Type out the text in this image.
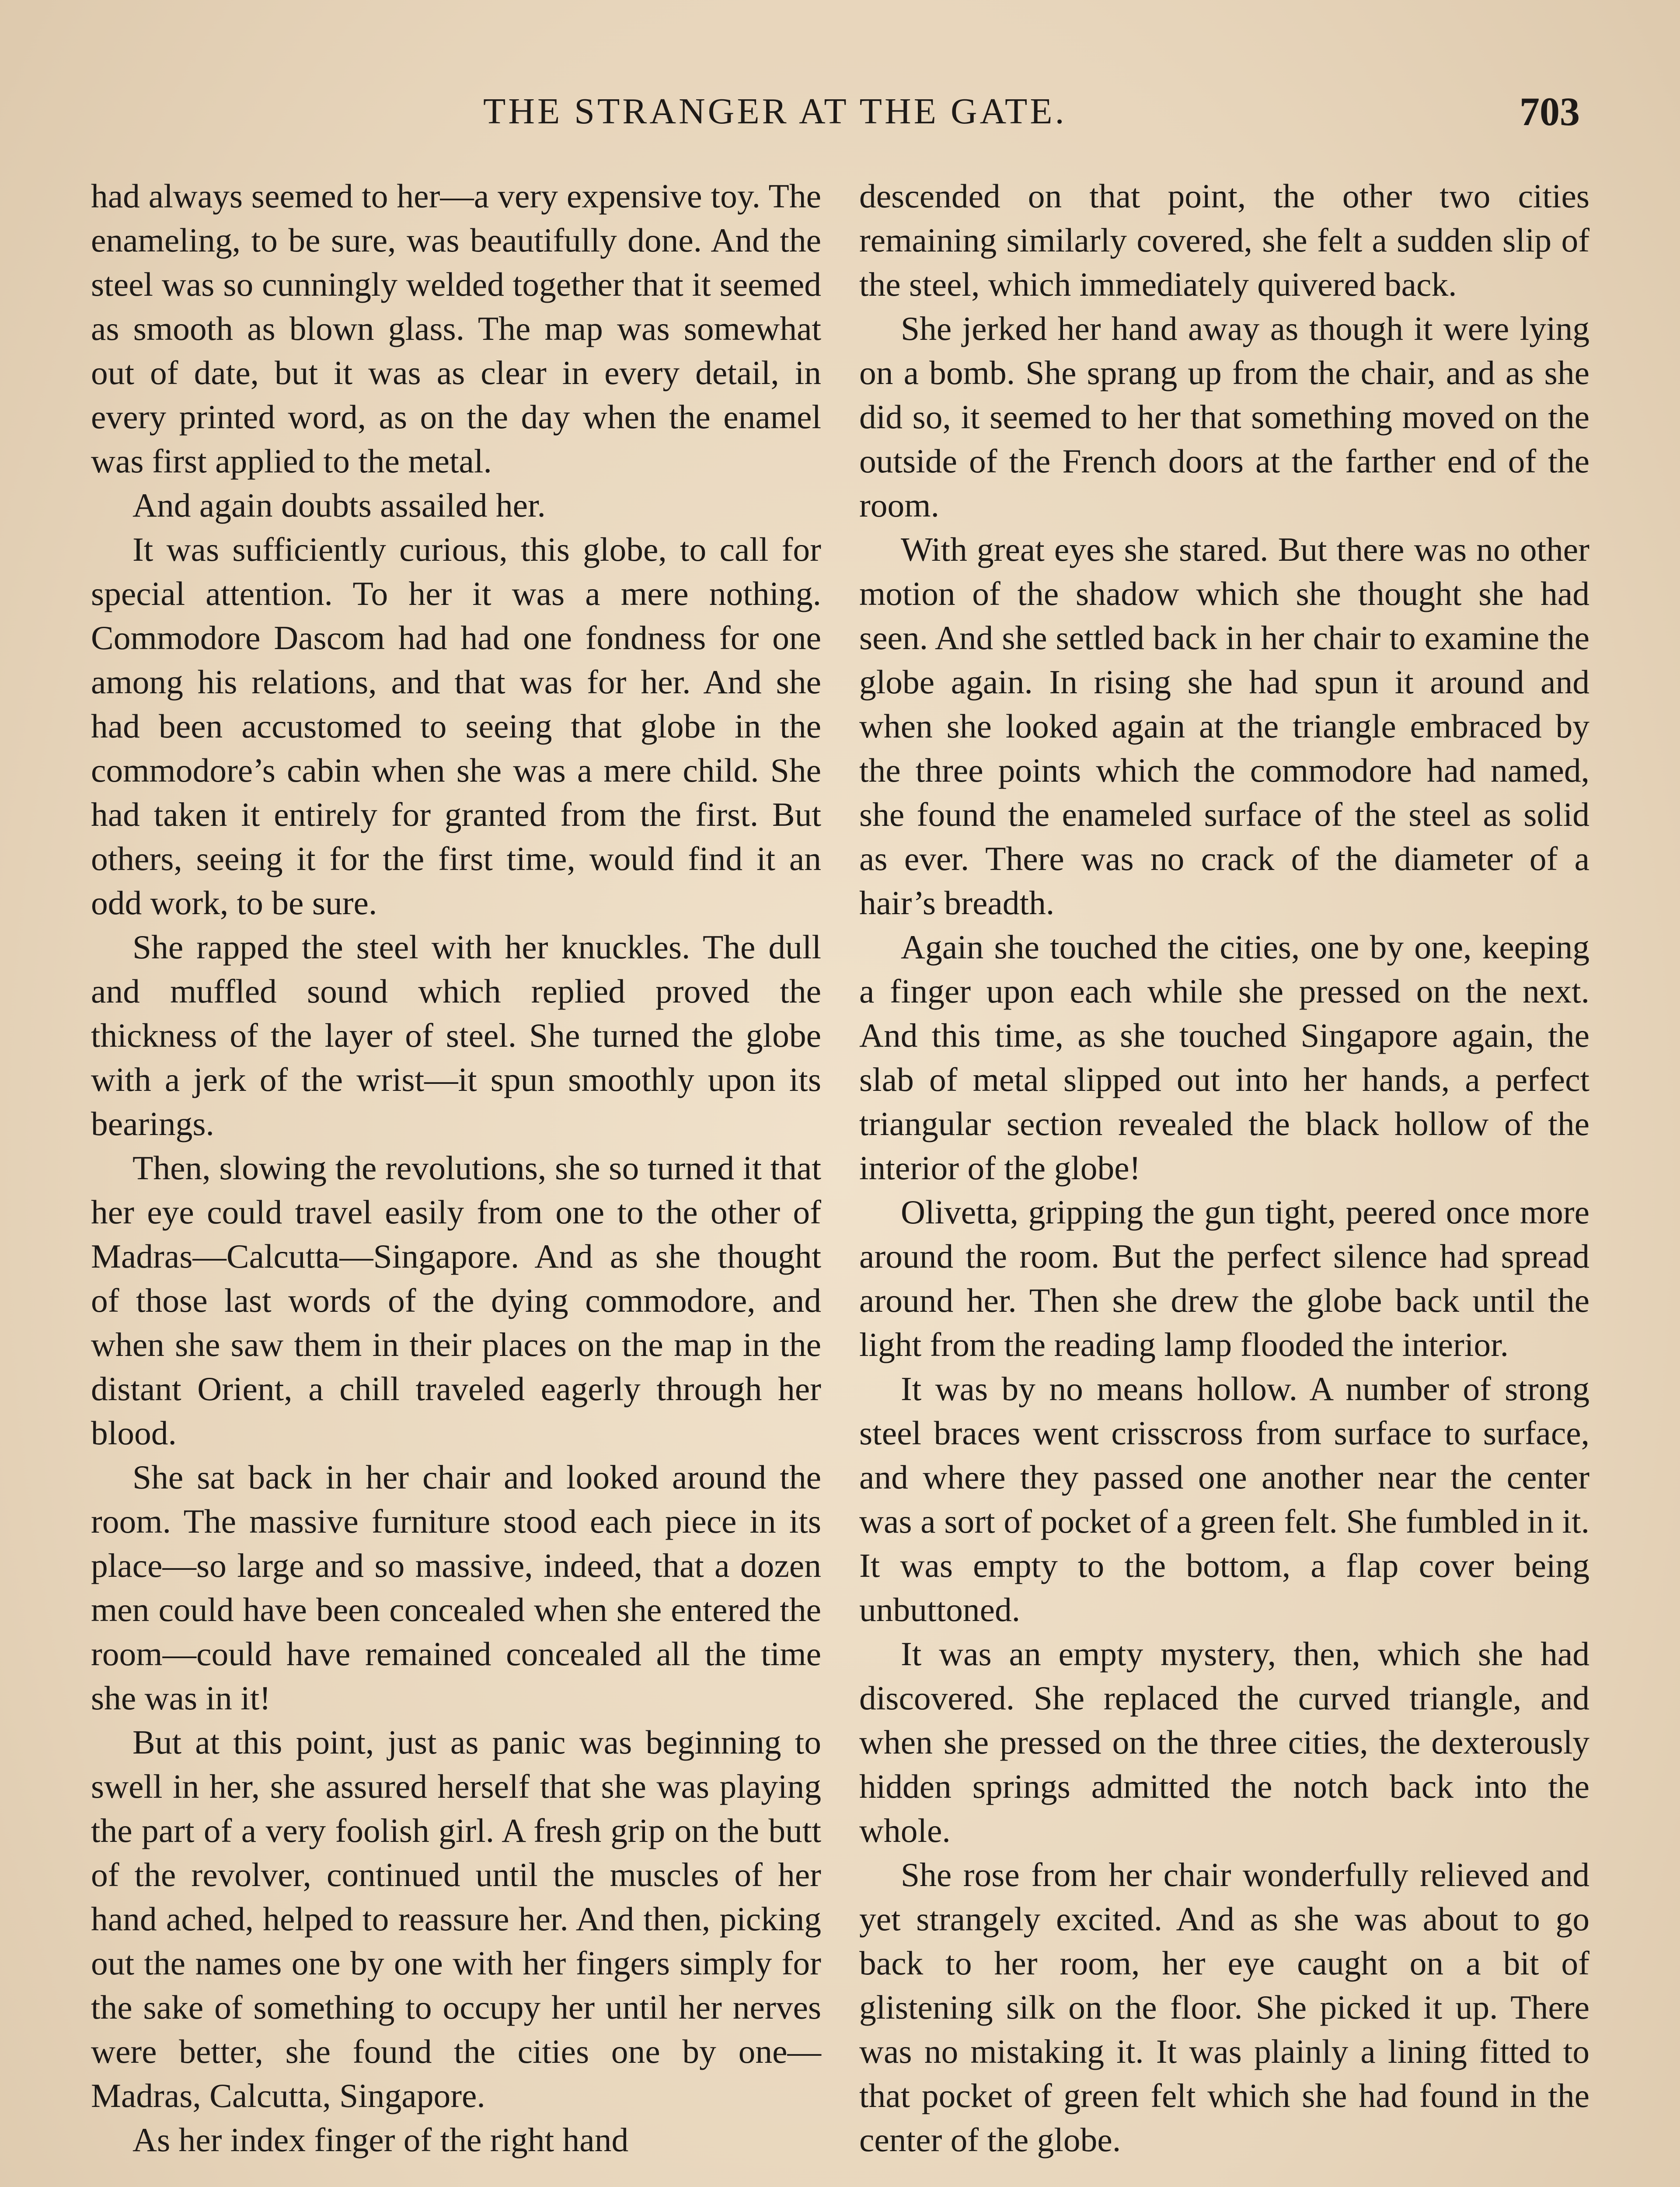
THE STRANGER AT THE GATE.	703

had always seemed to her—a very expensive toy. The enameling, to be sure, was beautifully done. And the steel was so cunningly welded together that it seemed as smooth as blown glass. The map was somewhat out of date, but it was as clear in every detail, in every printed word, as on the day when the enamel was first applied to the metal.

And again doubts assailed her.

It was sufficiently curious, this globe, to call for special attention. To her it was a mere nothing. Commodore Dascom had had one fondness for one among his relations, and that was for her. And she had been accustomed to seeing that globe in the commodore’s cabin when she was a mere child. She had taken it entirely for granted from the first. But others, seeing it for the first time, would find it an odd work, to be sure.

She rapped the steel with her knuckles. The dull and muffled sound which replied proved the thickness of the layer of steel. She turned the globe with a jerk of the wrist—it spun smoothly upon its bearings.

Then, slowing the revolutions, she so turned it that her eye could travel easily from one to the other of Madras—Calcutta—Singapore. And as she thought of those last words of the dying commodore, and when she saw them in their places on the map in the distant Orient, a chill traveled eagerly through her blood.

She sat back in her chair and looked around the room. The massive furniture stood each piece in its place—so large and so massive, indeed, that a dozen men could have been concealed when she entered the room—could have remained concealed all the time she was in it!

But at this point, just as panic was beginning to swell in her, she assured herself that she was playing the part of a very foolish girl. A fresh grip on the butt of the revolver, continued until the muscles of her hand ached, helped to reassure her. And then, picking out the names one by one with her fingers simply for the sake of something to occupy her until her nerves were better, she found the cities one by one—Madras, Calcutta, Singapore.

As her index finger of the right hand

descended on that point, the other two cities remaining similarly covered, she felt a sudden slip of the steel, which immediately quivered back.

She jerked her hand away as though it were lying on a bomb. She sprang up from the chair, and as she did so, it seemed to her that something moved on the outside of the French doors at the farther end of the room.

With great eyes she stared. But there was no other motion of the shadow which she thought she had seen. And she settled back in her chair to examine the globe again. In rising she had spun it around and when she looked again at the triangle embraced by the three points which the commodore had named, she found the enameled surface of the steel as solid as ever. There was no crack of the diameter of a hair’s breadth.

Again she touched the cities, one by one, keeping a finger upon each while she pressed on the next. And this time, as she touched Singapore again, the slab of metal slipped out into her hands, a perfect triangular section revealed the black hollow of the interior of the globe!

Olivetta, gripping the gun tight, peered once more around the room. But the perfect silence had spread around her. Then she drew the globe back until the light from the reading lamp flooded the interior.

It was by no means hollow. A number of strong steel braces went crisscross from surface to surface, and where they passed one another near the center was a sort of pocket of a green felt. She fumbled in it. It was empty to the bottom, a flap cover being unbuttoned.

It was an empty mystery, then, which she had discovered. She replaced the curved triangle, and when she pressed on the three cities, the dexterously hidden springs admitted the notch back into the whole.

She rose from her chair wonderfully relieved and yet strangely excited. And as she was about to go back to her room, her eye caught on a bit of glistening silk on the floor. She picked it up. There was no mistaking it. It was plainly a lining fitted to that pocket of green felt which she had found in the center of the globe.
